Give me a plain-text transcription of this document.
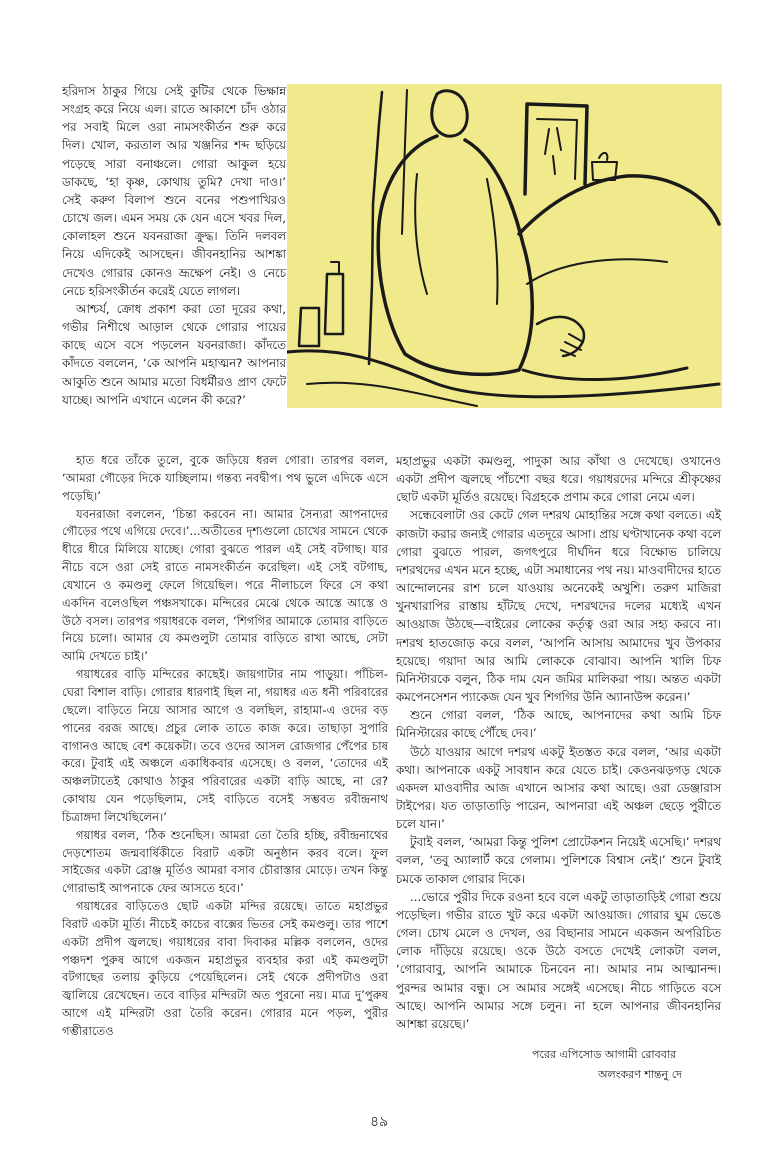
হরিদাস ঠাকুর গিয়ে সেই কুটির থেকে ভিক্ষান্ন সংগ্রহ করে নিয়ে এল। রাতে আকাশে চাঁদ ওঠার পর সবাই মিলে ওরা নামসংকীর্তন শুরু করে দিল। খোল, করতাল আর খঞ্জনির শব্দ ছড়িয়ে পড়েছে সারা বনাঞ্চলে। গোরা আকুল হয়ে ডাকছে, ‘হা কৃষ্ণ, কোথায় তুমি? দেখা দাও।’ সেই করুণ বিলাপ শুনে বনের পশুপাখিরও চোখে জল। এমন সময় কে যেন এসে খবর দিল, কোলাহল শুনে যবনরাজা ক্রুদ্ধ। তিনি দলবল নিয়ে এদিকেই আসছেন। জীবনহানির আশঙ্কা দেখেও গোরার কোনও ভ্রূক্ষেপ নেই। ও নেচে নেচে হরিসংকীর্তন করেই যেতে লাগল।

আশ্চর্য, ক্রোধ প্রকাশ করা তো দূরের কথা, গভীর নিশীথে আড়াল থেকে গোরার পায়ের কাছে এসে বসে পড়লেন যবনরাজা। কাঁদতে কাঁদতে বললেন, ‘কে আপনি মহাত্মন? আপনার আকুতি শুনে আমার মতো বিধর্মীরও প্রাণ ফেটে যাচ্ছে। আপনি এখানে এলেন কী করে?’

হাত ধরে তাঁকে তুলে, বুকে জড়িয়ে ধরল গোরা। তারপর বলল, ‘আমরা গৌড়ের দিকে যাচ্ছিলাম। গন্তব্য নবদ্বীপ। পথ ভুলে এদিকে এসে পড়েছি।’

যবনরাজা বললেন, ‘চিন্তা করবেন না। আমার সৈন্যরা আপনাদের গৌড়ের পথে এগিয়ে দেবে।’...অতীতের দৃশ্যগুলো চোখের সামনে থেকে ধীরে ধীরে মিলিয়ে যাচ্ছে। গোরা বুঝতে পারল এই সেই বটগাছ। যার নীচে বসে ওরা সেই রাতে নামসংকীর্তন করেছিল। এই সেই বটগাছ, যেখানে ও কমণ্ডলু ফেলে গিয়েছিল। পরে নীলাচলে ফিরে সে কথা একদিন বলেওছিল পঞ্চসখাকে। মন্দিরের মেঝে থেকে আস্তে আস্তে ও উঠে বসল। তারপর গয়াধরকে বলল, ‘শিগগির আমাকে তোমার বাড়িতে নিয়ে চলো। আমার যে কমণ্ডলুটা তোমার বাড়িতে রাখা আছে, সেটা আমি দেখতে চাই।’

গয়াধরের বাড়ি মন্দিরের কাছেই। জায়গাটার নাম পাড়ুয়া। পাঁচিল-ঘেরা বিশাল বাড়ি। গোরার ধারণাই ছিল না, গয়াধর এত ধনী পরিবারের ছেলে। বাড়িতে নিয়ে আসার আগে ও বলছিল, রাহামা-এ ওদের বড় পানের বরজ আছে। প্রচুর লোক তাতে কাজ করে। তাছাড়া সুপারি বাগানও আছে বেশ কয়েকটা। তবে ওদের আসল রোজগার পেঁপের চাষ করে। টুবাই এই অঞ্চলে একাধিকবার এসেছে। ও বলল, ‘তোদের এই অঞ্চলটাতেই কোথাও ঠাকুর পরিবারের একটা বাড়ি আছে, না রে? কোথায় যেন পড়েছিলাম, সেই বাড়িতে বসেই সম্ভবত রবীন্দ্রনাথ চিত্রাঙ্গদা লিখেছিলেন।’

গয়াধর বলল, ‘ঠিক শুনেছিস। আমরা তো তৈরি হচ্ছি, রবীন্দ্রনাথের দেড়শোতম জন্মবার্ষিকীতে বিরাট একটা অনুষ্ঠান করব বলে। ফুল সাইজের একটা ব্রোঞ্জ মূর্তিও আমরা বসাব চৌরাস্তার মোড়ে। তখন কিন্তু গোরাভাই আপনাকে ফের আসতে হবে।’

গয়াধরের বাড়িতেও ছোট একটা মন্দির রয়েছে। তাতে মহাপ্রভুর বিরাট একটা মূর্তি। নীচেই কাচের বাক্সের ভিতর সেই কমণ্ডলু। তার পাশে একটা প্রদীপ জ্বলছে। গয়াধরের বাবা দিবাকর মল্লিক বললেন, ওদের পঞ্চদশ পুরুষ আগে একজন মহাপ্রভুর ব্যবহার করা এই কমণ্ডলুটা বটগাছের তলায় কুড়িয়ে পেয়েছিলেন। সেই থেকে প্রদীপটাও ওরা জ্বালিয়ে রেখেছেন। তবে বাড়ির মন্দিরটা অত পুরনো নয়। মাত্র দু’পুরুষ আগে এই মন্দিরটা ওরা তৈরি করেন। গোরার মনে পড়ল, পুরীর গম্ভীরাতেও

মহাপ্রভুর একটা কমণ্ডলু, পাদুকা আর কাঁথা ও দেখেছে। ওখানেও একটা প্রদীপ জ্বলছে পাঁচশো বছর ধরে। গয়াধরদের মন্দিরে শ্রীকৃষ্ণের ছোট একটা মূর্তিও রয়েছে। বিগ্রহকে প্রণাম করে গোরা নেমে এল।

সন্ধেবেলাটা ওর কেটে গেল দশরথ মোহান্তির সঙ্গে কথা বলতে। এই কাজটা করার জন্যই গোরার এতদূরে আসা। প্রায় ঘণ্টাখানেক কথা বলে গোরা বুঝতে পারল, জগৎপুরে দীর্ঘদিন ধরে বিক্ষোভ চালিয়ে দশরথদের এখন মনে হচ্ছে, এটা সমাধানের পথ নয়। মাওবাদীদের হাতে আন্দোলনের রাশ চলে যাওয়ায় অনেকেই অখুশি। তরুণ মাজিরা খুনখারাপির রাস্তায় হাঁটছে দেখে, দশরথদের দলের মধ্যেই এখন আওয়াজ উঠছে—বাইরের লোকের কর্তৃত্ব ওরা আর সহ্য করবে না। দশরথ হাতজোড় করে বলল, ‘আপনি আসায় আমাদের খুব উপকার হয়েছে। গয়াদা আর আমি লোককে বোঝাব। আপনি খালি চিফ মিনিস্টারকে বলুন, ঠিক দাম যেন জমির মালিকরা পায়। অন্তত একটা কমপেনসেশন প্যাকেজ যেন খুব শিগগির উনি অ্যানাউন্স করেন।’

শুনে গোরা বলল, ‘ঠিক আছে, আপনাদের কথা আমি চিফ মিনিস্টারের কাছে পৌঁছে দেব।’

উঠে যাওয়ার আগে দশরথ একটু ইতস্তত করে বলল, ‘আর একটা কথা। আপনাকে একটু সাবধান করে যেতে চাই। কেওনঝড়গড় থেকে একদল মাওবাদীর আজ এখানে আসার কথা আছে। ওরা ডেঞ্জারাস টাইপের। যত তাড়াতাড়ি পারেন, আপনারা এই অঞ্চল ছেড়ে পুরীতে চলে যান।’

টুবাই বলল, ‘আমরা কিন্তু পুলিশ প্রোটেকশন নিয়েই এসেছি।’ দশরথ বলল, ‘তবু অ্যালার্ট করে গেলাম। পুলিশকে বিশ্বাস নেই।’ শুনে টুবাই চমকে তাকাল গোরার দিকে।

...ভোরে পুরীর দিকে রওনা হবে বলে একটু তাড়াতাড়িই গোরা শুয়ে পড়েছিল। গভীর রাতে খুট করে একটা আওয়াজ। গোরার ঘুম ভেঙে গেল। চোখ মেলে ও দেখল, ওর বিছানার সামনে একজন অপরিচিত লোক দাঁড়িয়ে রয়েছে। ওকে উঠে বসতে দেখেই লোকটা বলল, ‘গোরাবাবু, আপনি আমাকে চিনবেন না। আমার নাম আত্মানন্দ। পুরন্দর আমার বন্ধু। সে আমার সঙ্গেই এসেছে। নীচে গাড়িতে বসে আছে। আপনি আমার সঙ্গে চলুন। না হলে আপনার জীবনহানির আশঙ্কা রয়েছে।’

পরের এপিসোড আগামী রোববার
অলংকরণ শান্তনু দে
৪৯
